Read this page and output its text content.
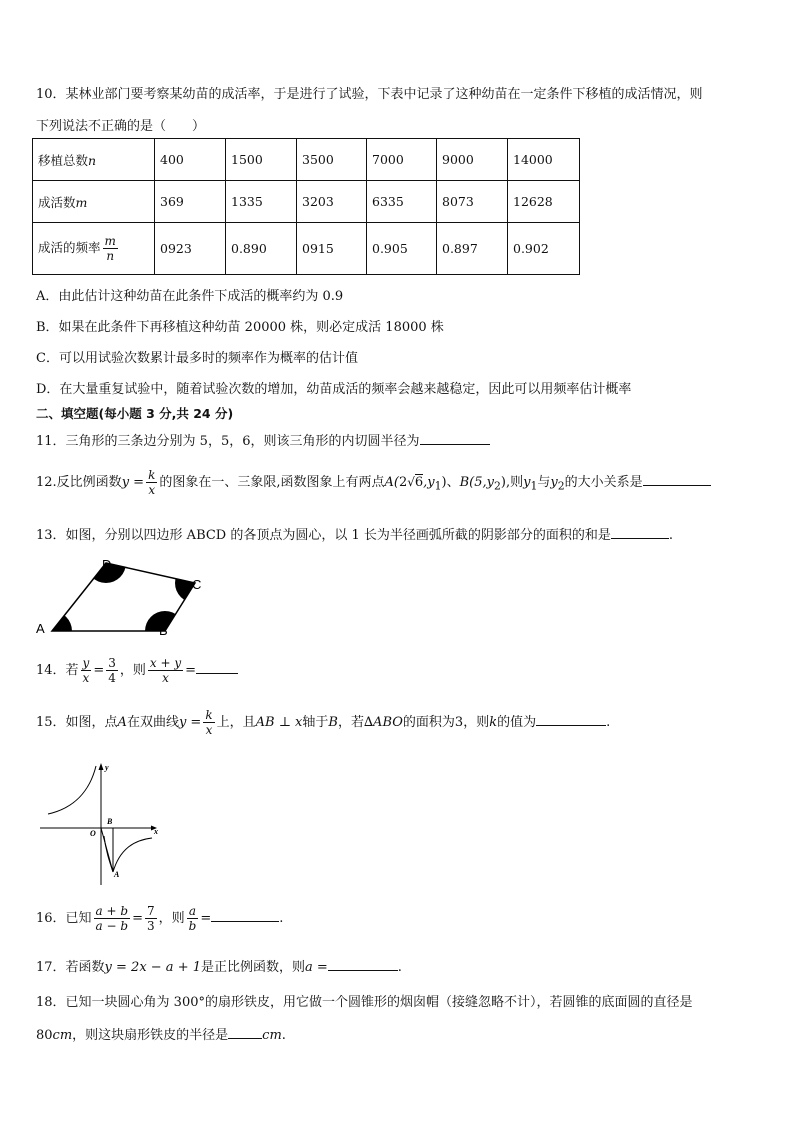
10．某林业部门要考察某幼苗的成活率，于是进行了试验，下表中记录了这种幼苗在一定条件下移植的成活情况，则
下列说法不正确的是（　　）
移植总数n	400	1500	3500	7000	9000	14000
成活数m	369	1335	3203	6335	8073	12628
成活的频率 $\frac{m}{n}$	0923	0.890	0915	0.905	0.897	0.902
A．由此估计这种幼苗在此条件下成活的概率约为 0.9
B．如果在此条件下再移植这种幼苗 20000 株，则必定成活 18000 株
C．可以用试验次数累计最多时的频率作为概率的估计值
D．在大量重复试验中，随着试验次数的增加，幼苗成活的频率会越来越稳定，因此可以用频率估计概率
二、填空题(每小题 3 分,共 24 分)
11．三角形的三条边分别为 5，5，6，则该三角形的内切圆半径为
12.反比例函数$y = \frac{k}{x}$ 的图象在一、三象限,函数图象上有两点$A(2√6,y_1)$、$B(5,y_2)$,则$y_1$与$y_2$的大小关系是
13．如图，分别以四边形 ABCD 的各顶点为圆心，以 1 长为半径画弧所截的阴影部分的面积的和是	.
A	B
C
D
14．若 $\frac{y}{x} = \frac{3}{4}$ ，则 $\frac{x + y}{x}$ =
15．如图，点A在双曲线$y = \frac{k}{x}$ 上，且AB ⊥ x轴于B，若∆ABO的面积为3，则k的值为	.
y
x
O
B
A
16．已知 $\frac{a + b}{a - b} = \frac{7}{3}$ ，则 $\frac{a}{b}$ =	.
17．若函数y = 2x − a + 1是正比例函数，则a =	.
18．已知一块圆心角为 300°的扇形铁皮，用它做一个圆锥形的烟囱帽（接缝忽略不计），若圆锥的底面圆的直径是
80cm，则这块扇形铁皮的半径是	cm.
